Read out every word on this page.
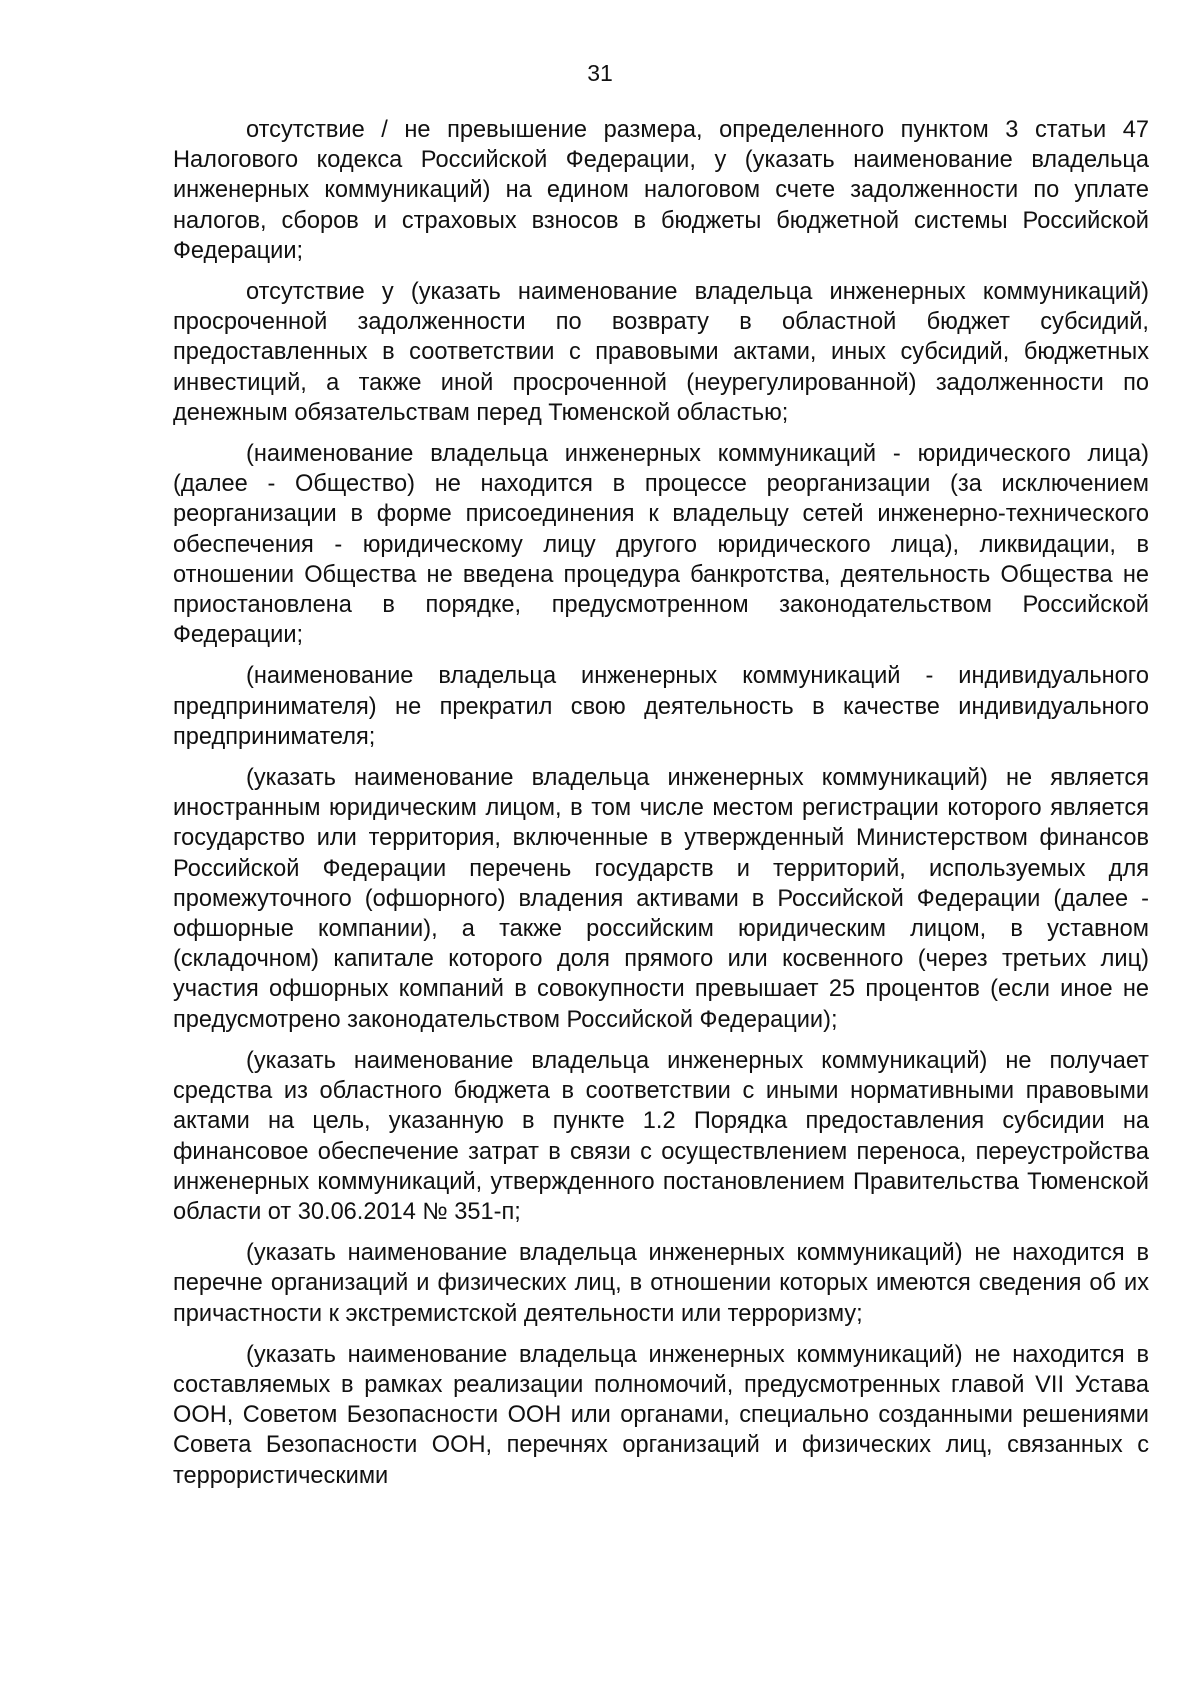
31

отсутствие / не превышение размера, определенного пунктом 3 статьи 47 Налогового кодекса Российской Федерации, у (указать наименование владельца инженерных коммуникаций) на едином налоговом счете задолженности по уплате налогов, сборов и страховых взносов в бюджеты бюджетной системы Российской Федерации;

отсутствие у (указать наименование владельца инженерных коммуникаций) просроченной задолженности по возврату в областной бюджет субсидий, предоставленных в соответствии с правовыми актами, иных субсидий, бюджетных инвестиций, а также иной просроченной (неурегулированной) задолженности по денежным обязательствам перед Тюменской областью;

(наименование владельца инженерных коммуникаций - юридического лица) (далее - Общество) не находится в процессе реорганизации (за исключением реорганизации в форме присоединения к владельцу сетей инженерно-технического обеспечения - юридическому лицу другого юридического лица), ликвидации, в отношении Общества не введена процедура банкротства, деятельность Общества не приостановлена в порядке, предусмотренном законодательством Российской Федерации;

(наименование владельца инженерных коммуникаций - индивидуального предпринимателя) не прекратил свою деятельность в качестве индивидуального предпринимателя;

(указать наименование владельца инженерных коммуникаций) не является иностранным юридическим лицом, в том числе местом регистрации которого является государство или территория, включенные в утвержденный Министерством финансов Российской Федерации перечень государств и территорий, используемых для промежуточного (офшорного) владения активами в Российской Федерации (далее - офшорные компании), а также российским юридическим лицом, в уставном (складочном) капитале которого доля прямого или косвенного (через третьих лиц) участия офшорных компаний в совокупности превышает 25 процентов (если иное не предусмотрено законодательством Российской Федерации);

(указать наименование владельца инженерных коммуникаций) не получает средства из областного бюджета в соответствии с иными нормативными правовыми актами на цель, указанную в пункте 1.2 Порядка предоставления субсидии на финансовое обеспечение затрат в связи с осуществлением переноса, переустройства инженерных коммуникаций, утвержденного постановлением Правительства Тюменской области от 30.06.2014 № 351-п;

(указать наименование владельца инженерных коммуникаций) не находится в перечне организаций и физических лиц, в отношении которых имеются сведения об их причастности к экстремистской деятельности или терроризму;

(указать наименование владельца инженерных коммуникаций) не находится в составляемых в рамках реализации полномочий, предусмотренных главой VII Устава ООН, Советом Безопасности ООН или органами, специально созданными решениями Совета Безопасности ООН, перечнях организаций и физических лиц, связанных с террористическими
